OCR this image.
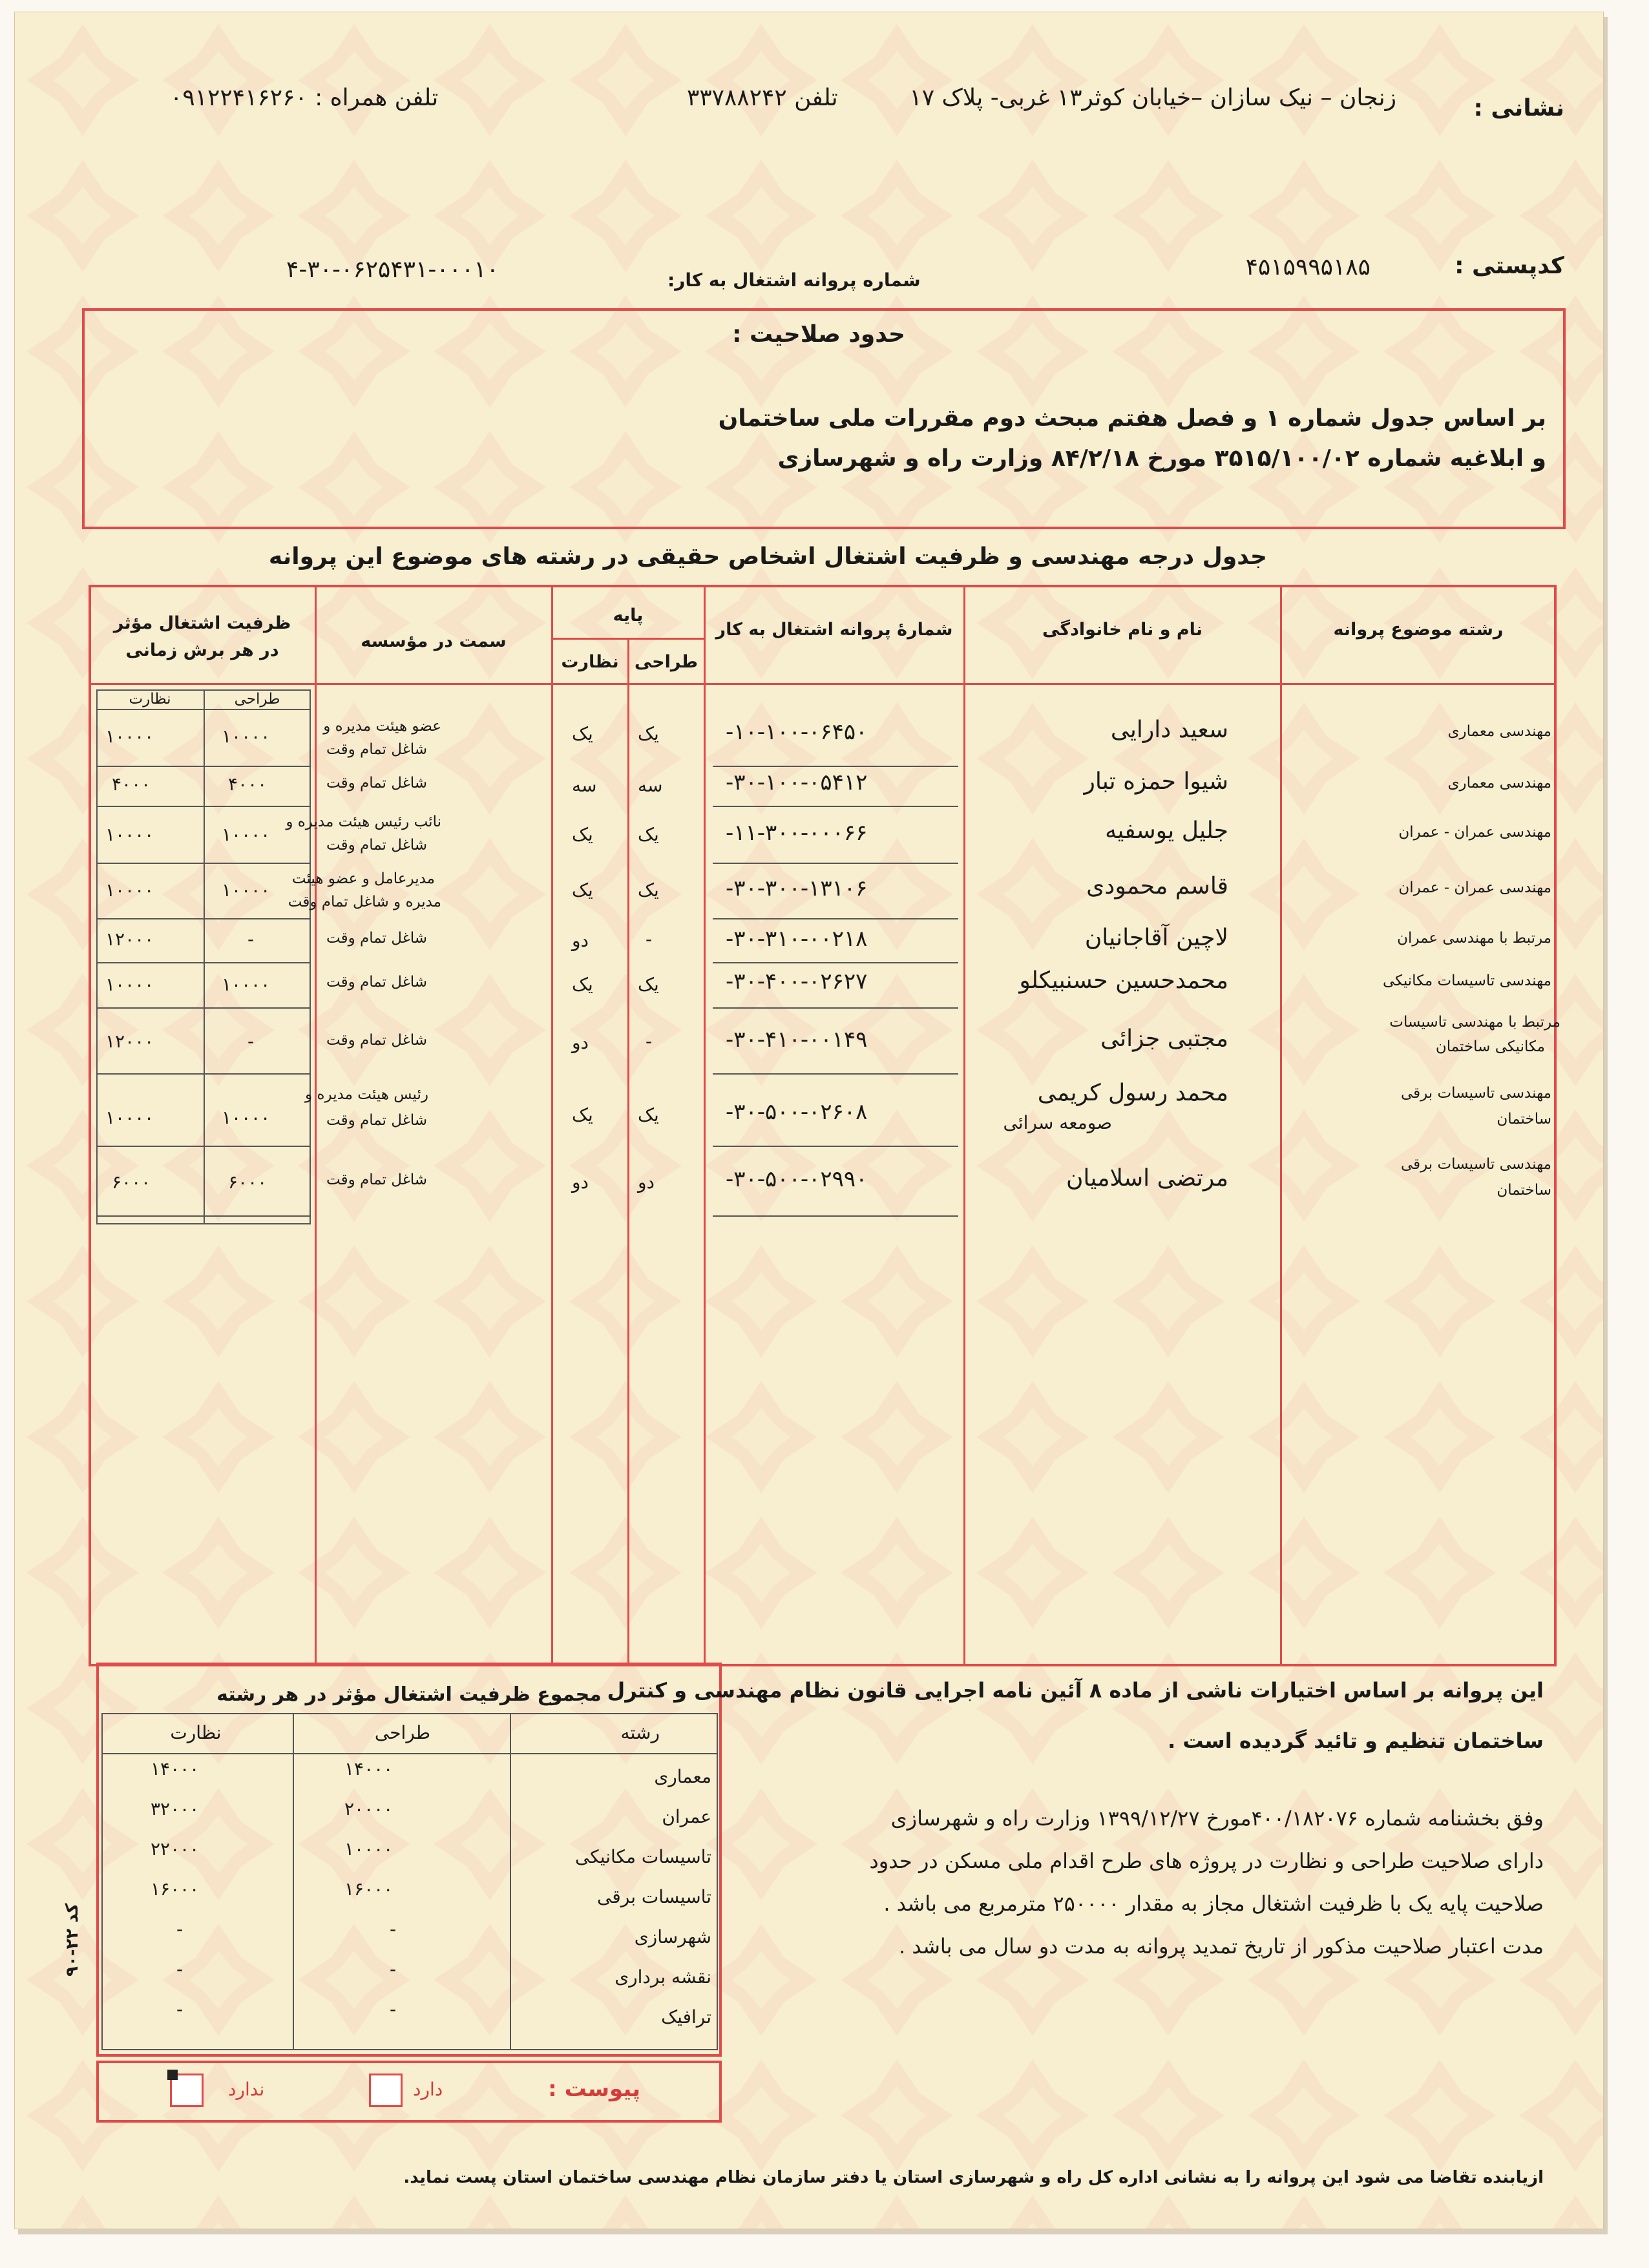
نشانی :
زنجان – نیک سازان –خیابان کوثر۱۳ غربی- پلاک ۱۷
تلفن ۳۳۷۸۸۲۴۲
تلفن همراه : ۰۹۱۲۲۴۱۶۲۶۰
کدپستی :
۴۵۱۵۹۹۵۱۸۵
شماره پروانه اشتغال به کار:
۴-۳۰-۰۶۲۵۴۳۱-۰۰۰۱۰
حدود صلاحیت :
بر اساس جدول شماره ۱ و فصل هفتم مبحث دوم مقررات ملی ساختمان
و ابلاغیه شماره ۳۵۱۵/۱۰۰/۰۲ مورخ ۸۴/۲/۱۸ وزارت راه و شهرسازی
جدول درجه مهندسی و ظرفیت اشتغال اشخاص حقیقی در رشته های موضوع این پروانه
رشته موضوع پروانه
نام و نام خانوادگی
شمارهٔ پروانه اشتغال به کار
پایه
طراحی
نظارت
سمت در مؤسسه
ظرفیت اشتغال مؤثر
در هر برش زمانی
طراحی
نظارت
مهندسی معماری
سعید دارایی
-۱۰-۱۰۰-۰۶۴۵۰
یک
یک
عضو هیئت مدیره و
شاغل تمام وقت
۱۰۰۰۰
۱۰۰۰۰
مهندسی معماری
شیوا حمزه تبار
-۳۰-۱۰۰-۰۵۴۱۲
سه
سه
شاغل تمام وقت
۴۰۰۰
۴۰۰۰
مهندسی عمران - عمران
جلیل یوسفیه
-۱۱-۳۰۰-۰۰۰۶۶
یک
یک
نائب رئیس هیئت مدیره و
شاغل تمام وقت
۱۰۰۰۰
۱۰۰۰۰
مهندسی عمران - عمران
قاسم محمودی
-۳۰-۳۰۰-۱۳۱۰۶
یک
یک
مدیرعامل و عضو هیئت
مدیره و شاغل تمام وقت
۱۰۰۰۰
۱۰۰۰۰
مرتبط با مهندسی عمران
لاچین آقاجانیان
-۳۰-۳۱۰-۰۰۲۱۸
-
دو
شاغل تمام وقت
-
۱۲۰۰۰
مهندسی تاسیسات مکانیکی
محمدحسین حسنبیکلو
-۳۰-۴۰۰-۰۲۶۲۷
یک
یک
شاغل تمام وقت
۱۰۰۰۰
۱۰۰۰۰
مرتبط با مهندسی تاسیسات
مکانیکی ساختمان
مجتبی جزائی
-۳۰-۴۱۰-۰۰۱۴۹
-
دو
شاغل تمام وقت
-
۱۲۰۰۰
مهندسی تاسیسات برقی
ساختمان
محمد رسول کریمی
صومعه سرائی
-۳۰-۵۰۰-۰۲۶۰۸
یک
یک
رئیس هیئت مدیره و
شاغل تمام وقت
۱۰۰۰۰
۱۰۰۰۰
مهندسی تاسیسات برقی
ساختمان
مرتضی اسلامیان
-۳۰-۵۰۰-۰۲۹۹۰
دو
دو
شاغل تمام وقت
۶۰۰۰
۶۰۰۰
مجموع ظرفیت اشتغال مؤثر در هر رشته
رشته
طراحی
نظارت
معماری
۱۴۰۰۰
۱۴۰۰۰
عمران
۲۰۰۰۰
۳۲۰۰۰
تاسیسات مکانیکی
۱۰۰۰۰
۲۲۰۰۰
تاسیسات برقی
۱۶۰۰۰
۱۶۰۰۰
شهرسازی
-
-
نقشه برداری
-
-
ترافیک
-
-
پیوست :
دارد
ندارد
کد ۲۲-۹۰
این پروانه بر اساس اختیارات ناشی از ماده ۸ آئین نامه اجرایی قانون نظام مهندسی و کنترل
ساختمان تنظیم و تائید گردیده است .
وفق بخشنامه شماره ۴۰۰/۱۸۲۰۷۶مورخ ۱۳۹۹/۱۲/۲۷ وزارت راه و شهرسازی
دارای صلاحیت طراحی و نظارت در پروژه های طرح اقدام ملی مسکن در حدود
صلاحیت پایه یک با ظرفیت اشتغال مجاز به مقدار ۲۵۰۰۰۰ مترمربع می باشد .
مدت اعتبار صلاحیت مذکور از تاریخ تمدید پروانه به مدت دو سال می باشد .
ازیابنده تقاضا می شود این پروانه را به نشانی اداره کل راه و شهرسازی استان یا دفتر سازمان نظام مهندسی ساختمان استان پست نماید.
